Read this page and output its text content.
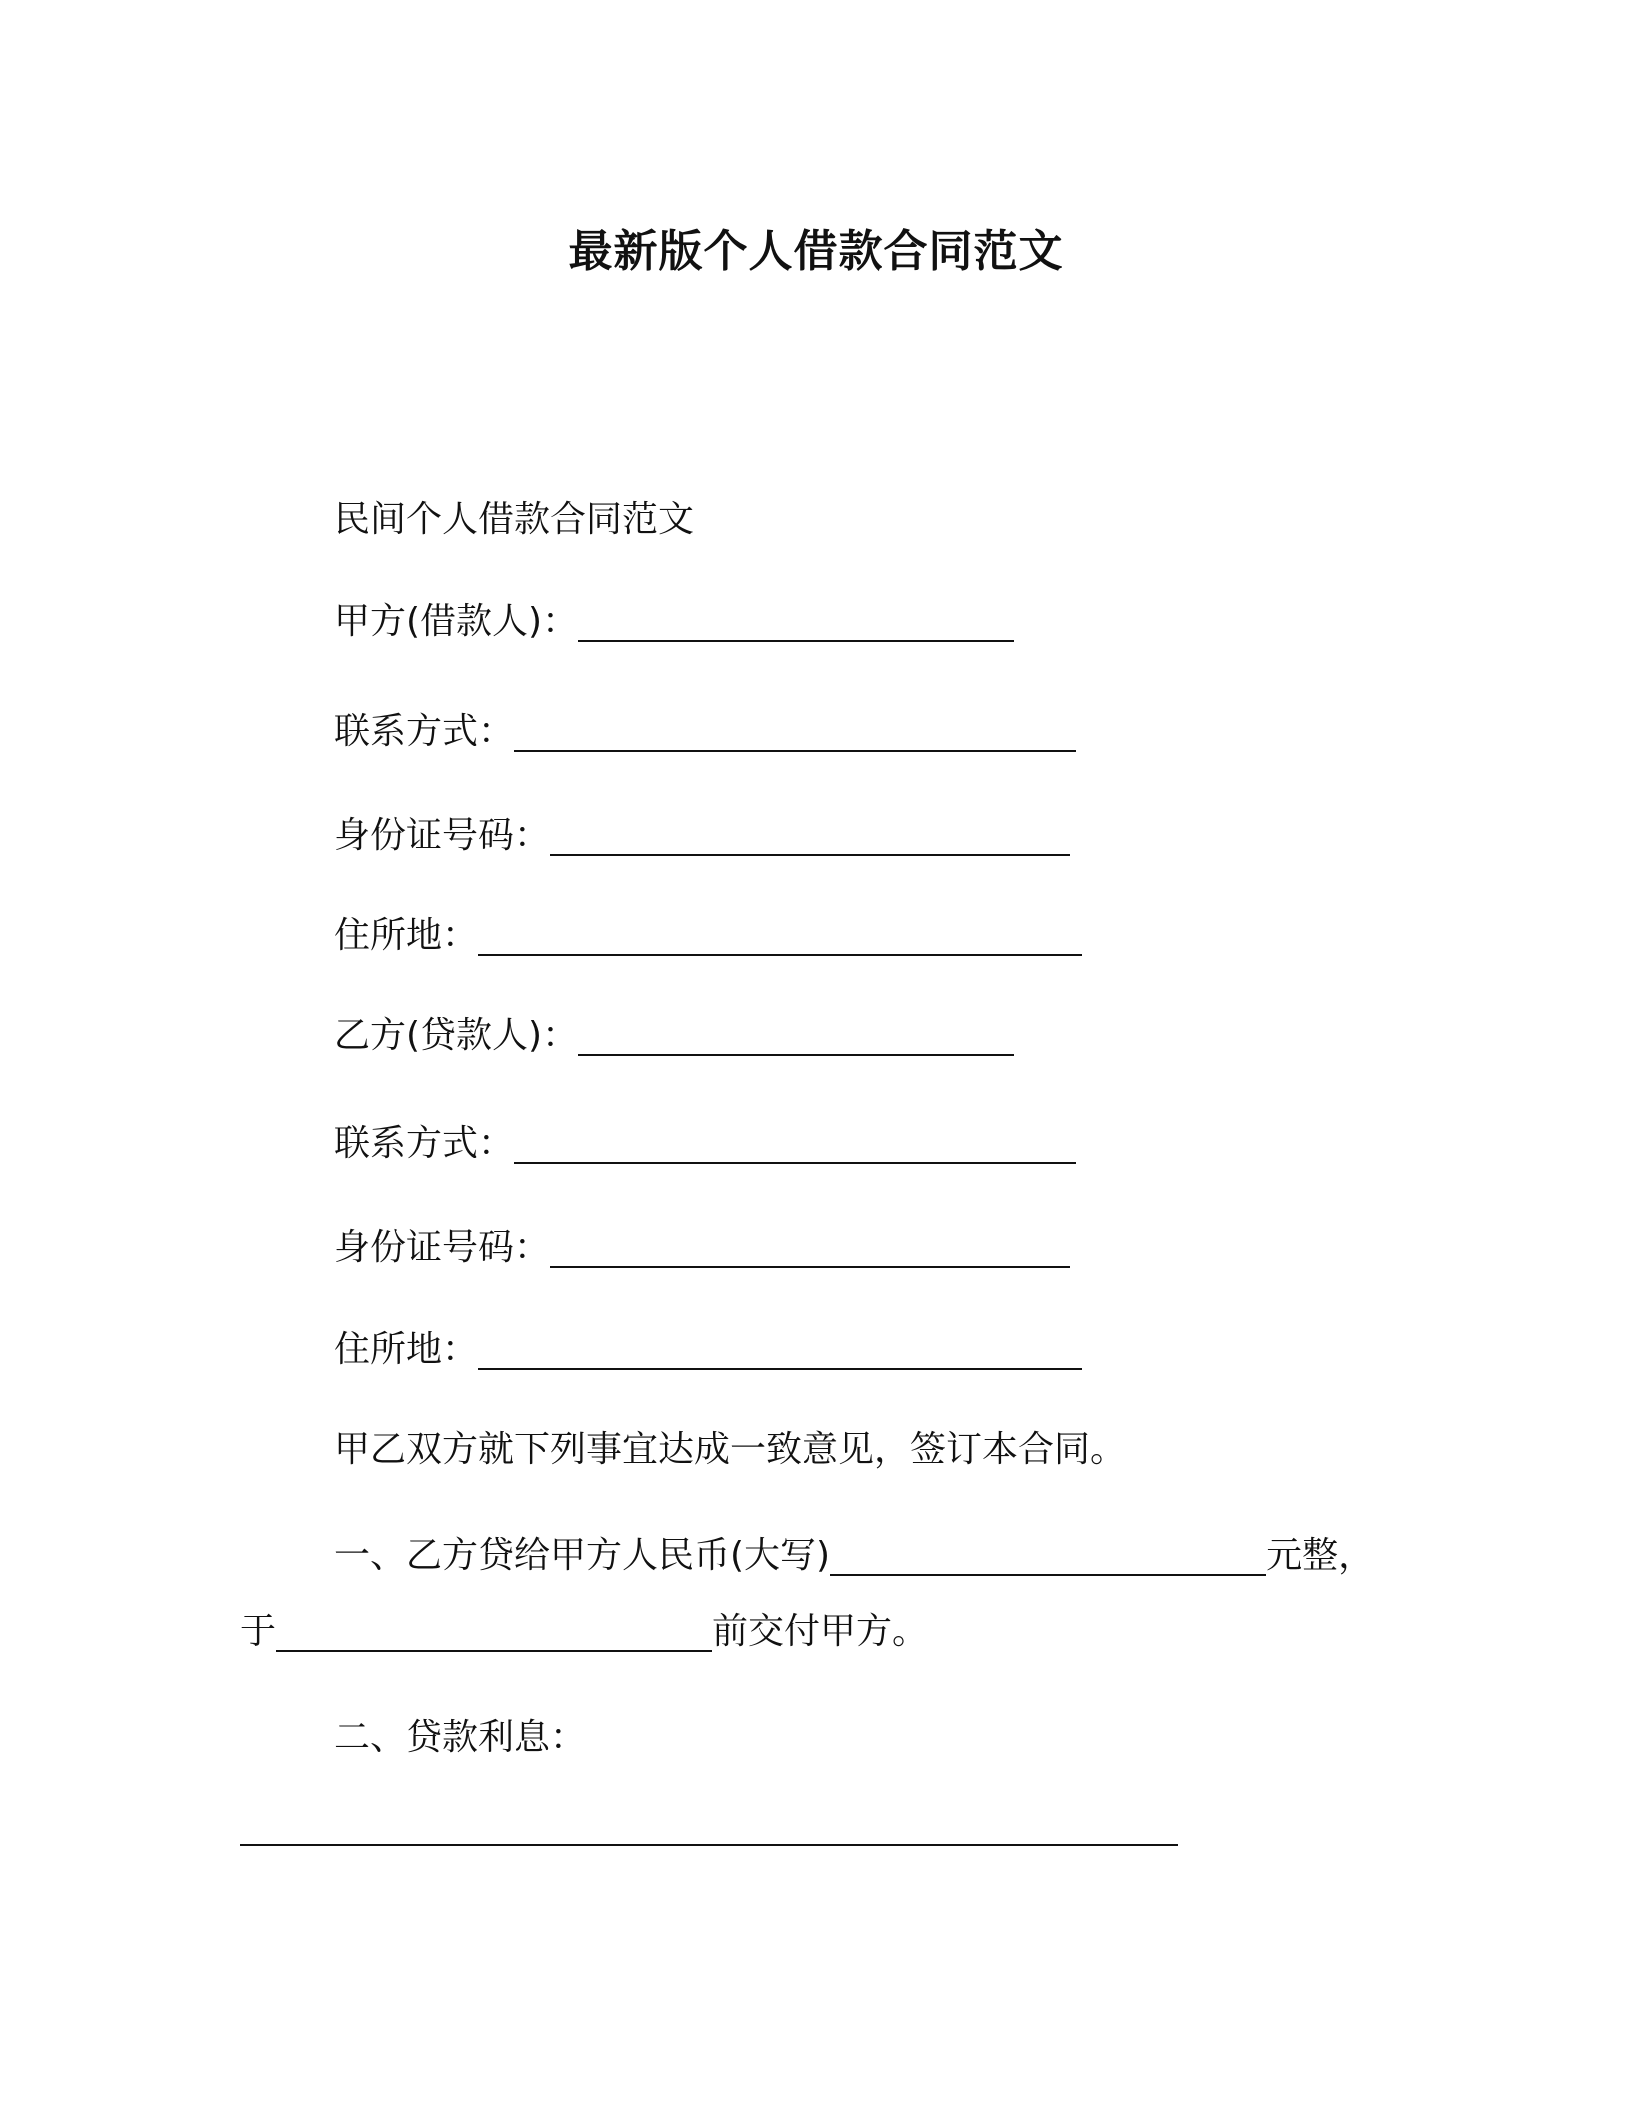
最新版个人借款合同范文
民间个人借款合同范文
甲方(借款人)：
联系方式：
身份证号码：
住所地：
乙方(贷款人)：
联系方式：
身份证号码：
住所地：
甲乙双方就下列事宜达成一致意见，签订本合同。
一、乙方贷给甲方人民币(大写)	元整，
于	前交付甲方。
二、贷款利息：
